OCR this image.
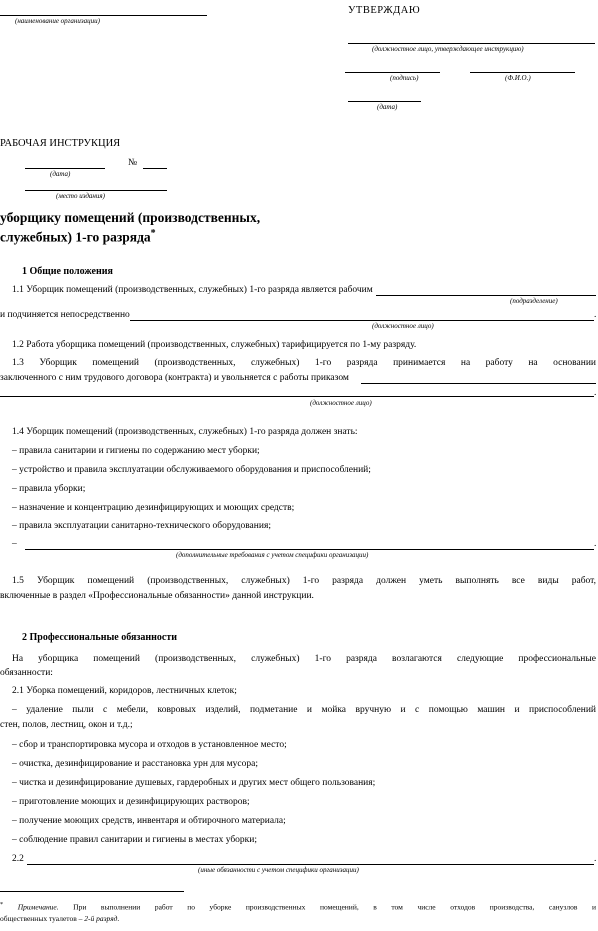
(наименование организации)
УТВЕРЖДАЮ
(должностное лицо, утверждающее инструкцию)
(подпись)	(Ф.И.О.)
(дата)
РАБОЧАЯ ИНСТРУКЦИЯ
№
(дата)
(место издания)
уборщику помещений (производственных,
служебных) 1-го разряда*
1 Общие положения
1.1 Уборщик помещений (производственных, служебных) 1-го разряда является рабочим
(подразделение)
и подчиняется непосредственно	.
(должностное лицо)
1.2 Работа уборщика помещений (производственных, служебных) тарифицируется по 1-му разряду.
1.3 Уборщик помещений (производственных, служебных) 1-го разряда принимается на работу на основании
заключенного с ним трудового договора (контракта) и увольняется с работы приказом
.
(должностное лицо)
1.4 Уборщик помещений (производственных, служебных) 1-го разряда должен знать:
– правила санитарии и гигиены по содержанию мест уборки;
– устройство и правила эксплуатации обслуживаемого оборудования и приспособлений;
– правила уборки;
– назначение и концентрацию дезинфицирующих и моющих средств;
– правила эксплуатации санитарно-технического оборудования;
–	.
(дополнительные требования с учетом специфики организации)
1.5 Уборщик помещений (производственных, служебных) 1-го разряда должен уметь выполнять все виды работ,
включенные в раздел «Профессиональные обязанности» данной инструкции.
2 Профессиональные обязанности
На уборщика помещений (производственных, служебных) 1-го разряда возлагаются следующие профессиональные
обязанности:
2.1 Уборка помещений, коридоров, лестничных клеток;
– удаление пыли с мебели, ковровых изделий, подметание и мойка вручную и с помощью машин и приспособлений
стен, полов, лестниц, окон и т.д.;
– сбор и транспортировка мусора и отходов в установленное место;
– очистка, дезинфицирование и расстановка урн для мусора;
– чистка и дезинфицирование душевых, гардеробных и других мест общего пользования;
– приготовление моющих и дезинфицирующих растворов;
– получение моющих средств, инвентаря и обтирочного материала;
– соблюдение правил санитарии и гигиены в местах уборки;
2.2	.
(иные обязанности с учетом специфики организации)
* Примечание. При выполнении работ по уборке производственных помещений, в том числе отходов производства, санузлов и
общественных туалетов – 2-й разряд.
